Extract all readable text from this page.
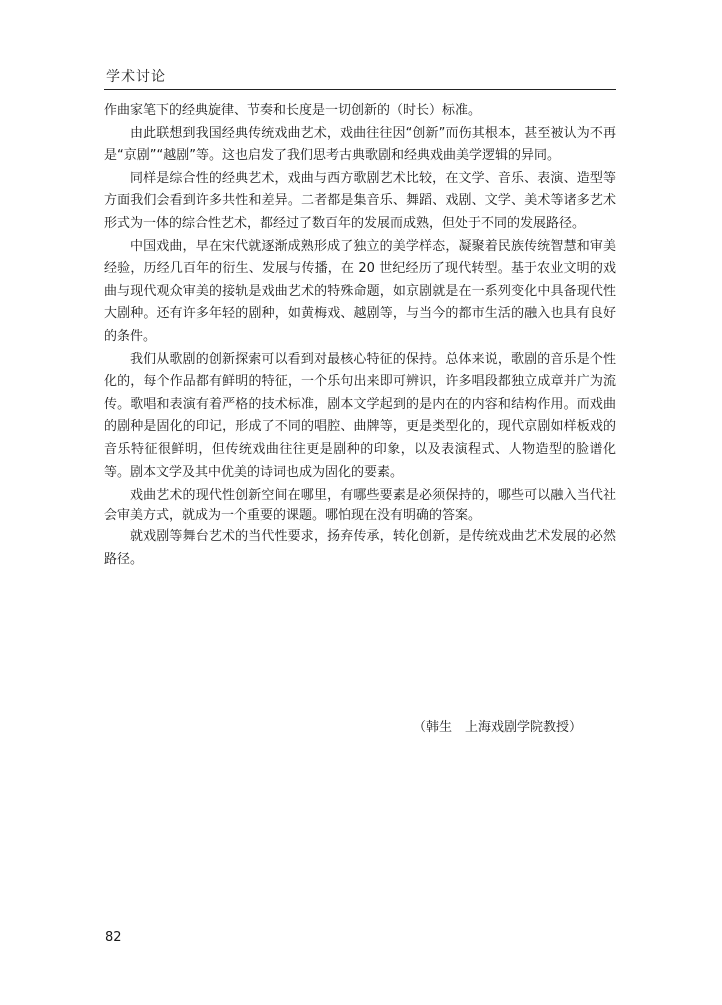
学术讨论

作曲家笔下的经典旋律、节奏和长度是一切创新的（时长）标准。

由此联想到我国经典传统戏曲艺术，戏曲往往因“创新”而伤其根本，甚至被认为不再是“京剧”“越剧”等。这也启发了我们思考古典歌剧和经典戏曲美学逻辑的异同。

同样是综合性的经典艺术，戏曲与西方歌剧艺术比较，在文学、音乐、表演、造型等方面我们会看到许多共性和差异。二者都是集音乐、舞蹈、戏剧、文学、美术等诸多艺术形式为一体的综合性艺术，都经过了数百年的发展而成熟，但处于不同的发展路径。

中国戏曲，早在宋代就逐渐成熟形成了独立的美学样态，凝聚着民族传统智慧和审美经验，历经几百年的衍生、发展与传播，在 20 世纪经历了现代转型。基于农业文明的戏曲与现代观众审美的接轨是戏曲艺术的特殊命题，如京剧就是在一系列变化中具备现代性大剧种。还有许多年轻的剧种，如黄梅戏、越剧等，与当今的都市生活的融入也具有良好的条件。

我们从歌剧的创新探索可以看到对最核心特征的保持。总体来说，歌剧的音乐是个性化的，每个作品都有鲜明的特征，一个乐句出来即可辨识，许多唱段都独立成章并广为流传。歌唱和表演有着严格的技术标准，剧本文学起到的是内在的内容和结构作用。而戏曲的剧种是固化的印记，形成了不同的唱腔、曲牌等，更是类型化的，现代京剧如样板戏的音乐特征很鲜明，但传统戏曲往往更是剧种的印象，以及表演程式、人物造型的脸谱化等。剧本文学及其中优美的诗词也成为固化的要素。

戏曲艺术的现代性创新空间在哪里，有哪些要素是必须保持的，哪些可以融入当代社会审美方式，就成为一个重要的课题。哪怕现在没有明确的答案。

就戏剧等舞台艺术的当代性要求，扬弃传承，转化创新，是传统戏曲艺术发展的必然路径。

（韩生　上海戏剧学院教授）
82
